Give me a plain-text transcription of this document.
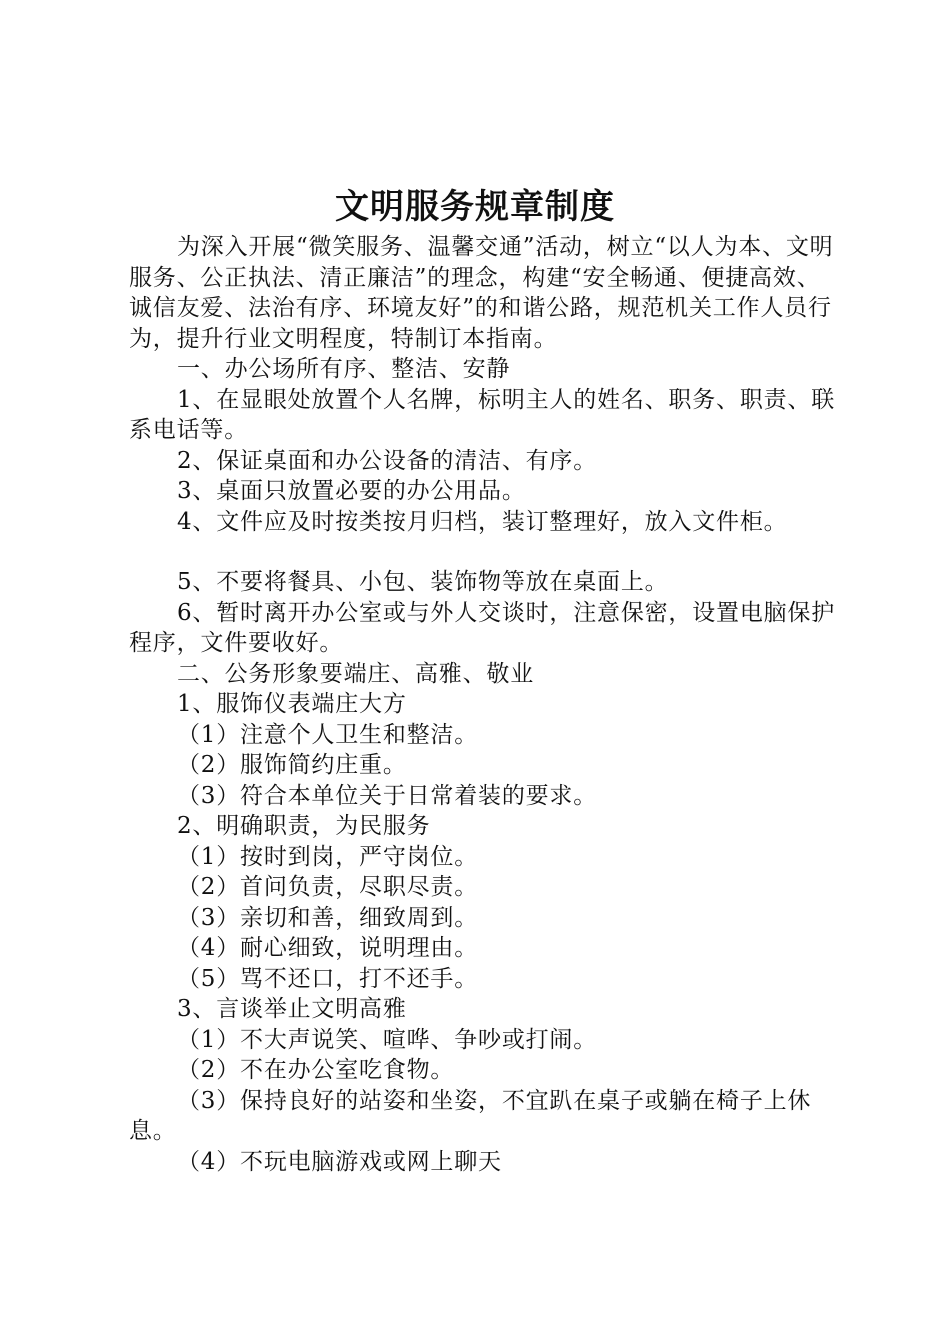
文明服务规章制度

为深入开展“微笑服务、温馨交通”活动，树立“以人为本、文明服务、公正执法、清正廉洁”的理念，构建“安全畅通、便捷高效、诚信友爱、法治有序、环境友好”的和谐公路，规范机关工作人员行为，提升行业文明程度，特制订本指南。

一、办公场所有序、整洁、安静

1、在显眼处放置个人名牌，标明主人的姓名、职务、职责、联系电话等。

2、保证桌面和办公设备的清洁、有序。

3、桌面只放置必要的办公用品。

4、文件应及时按类按月归档，装订整理好，放入文件柜。

5、不要将餐具、小包、装饰物等放在桌面上。

6、暂时离开办公室或与外人交谈时，注意保密，设置电脑保护程序，文件要收好。

二、公务形象要端庄、高雅、敬业

1、服饰仪表端庄大方

（1）注意个人卫生和整洁。

（2）服饰简约庄重。

（3）符合本单位关于日常着装的要求。

2、明确职责，为民服务

（1）按时到岗，严守岗位。

（2）首问负责，尽职尽责。

（3）亲切和善，细致周到。

（4）耐心细致，说明理由。

（5）骂不还口，打不还手。

3、言谈举止文明高雅

（1）不大声说笑、喧哗、争吵或打闹。

（2）不在办公室吃食物。

（3）保持良好的站姿和坐姿，不宜趴在桌子或躺在椅子上休息。

（4）不玩电脑游戏或网上聊天
